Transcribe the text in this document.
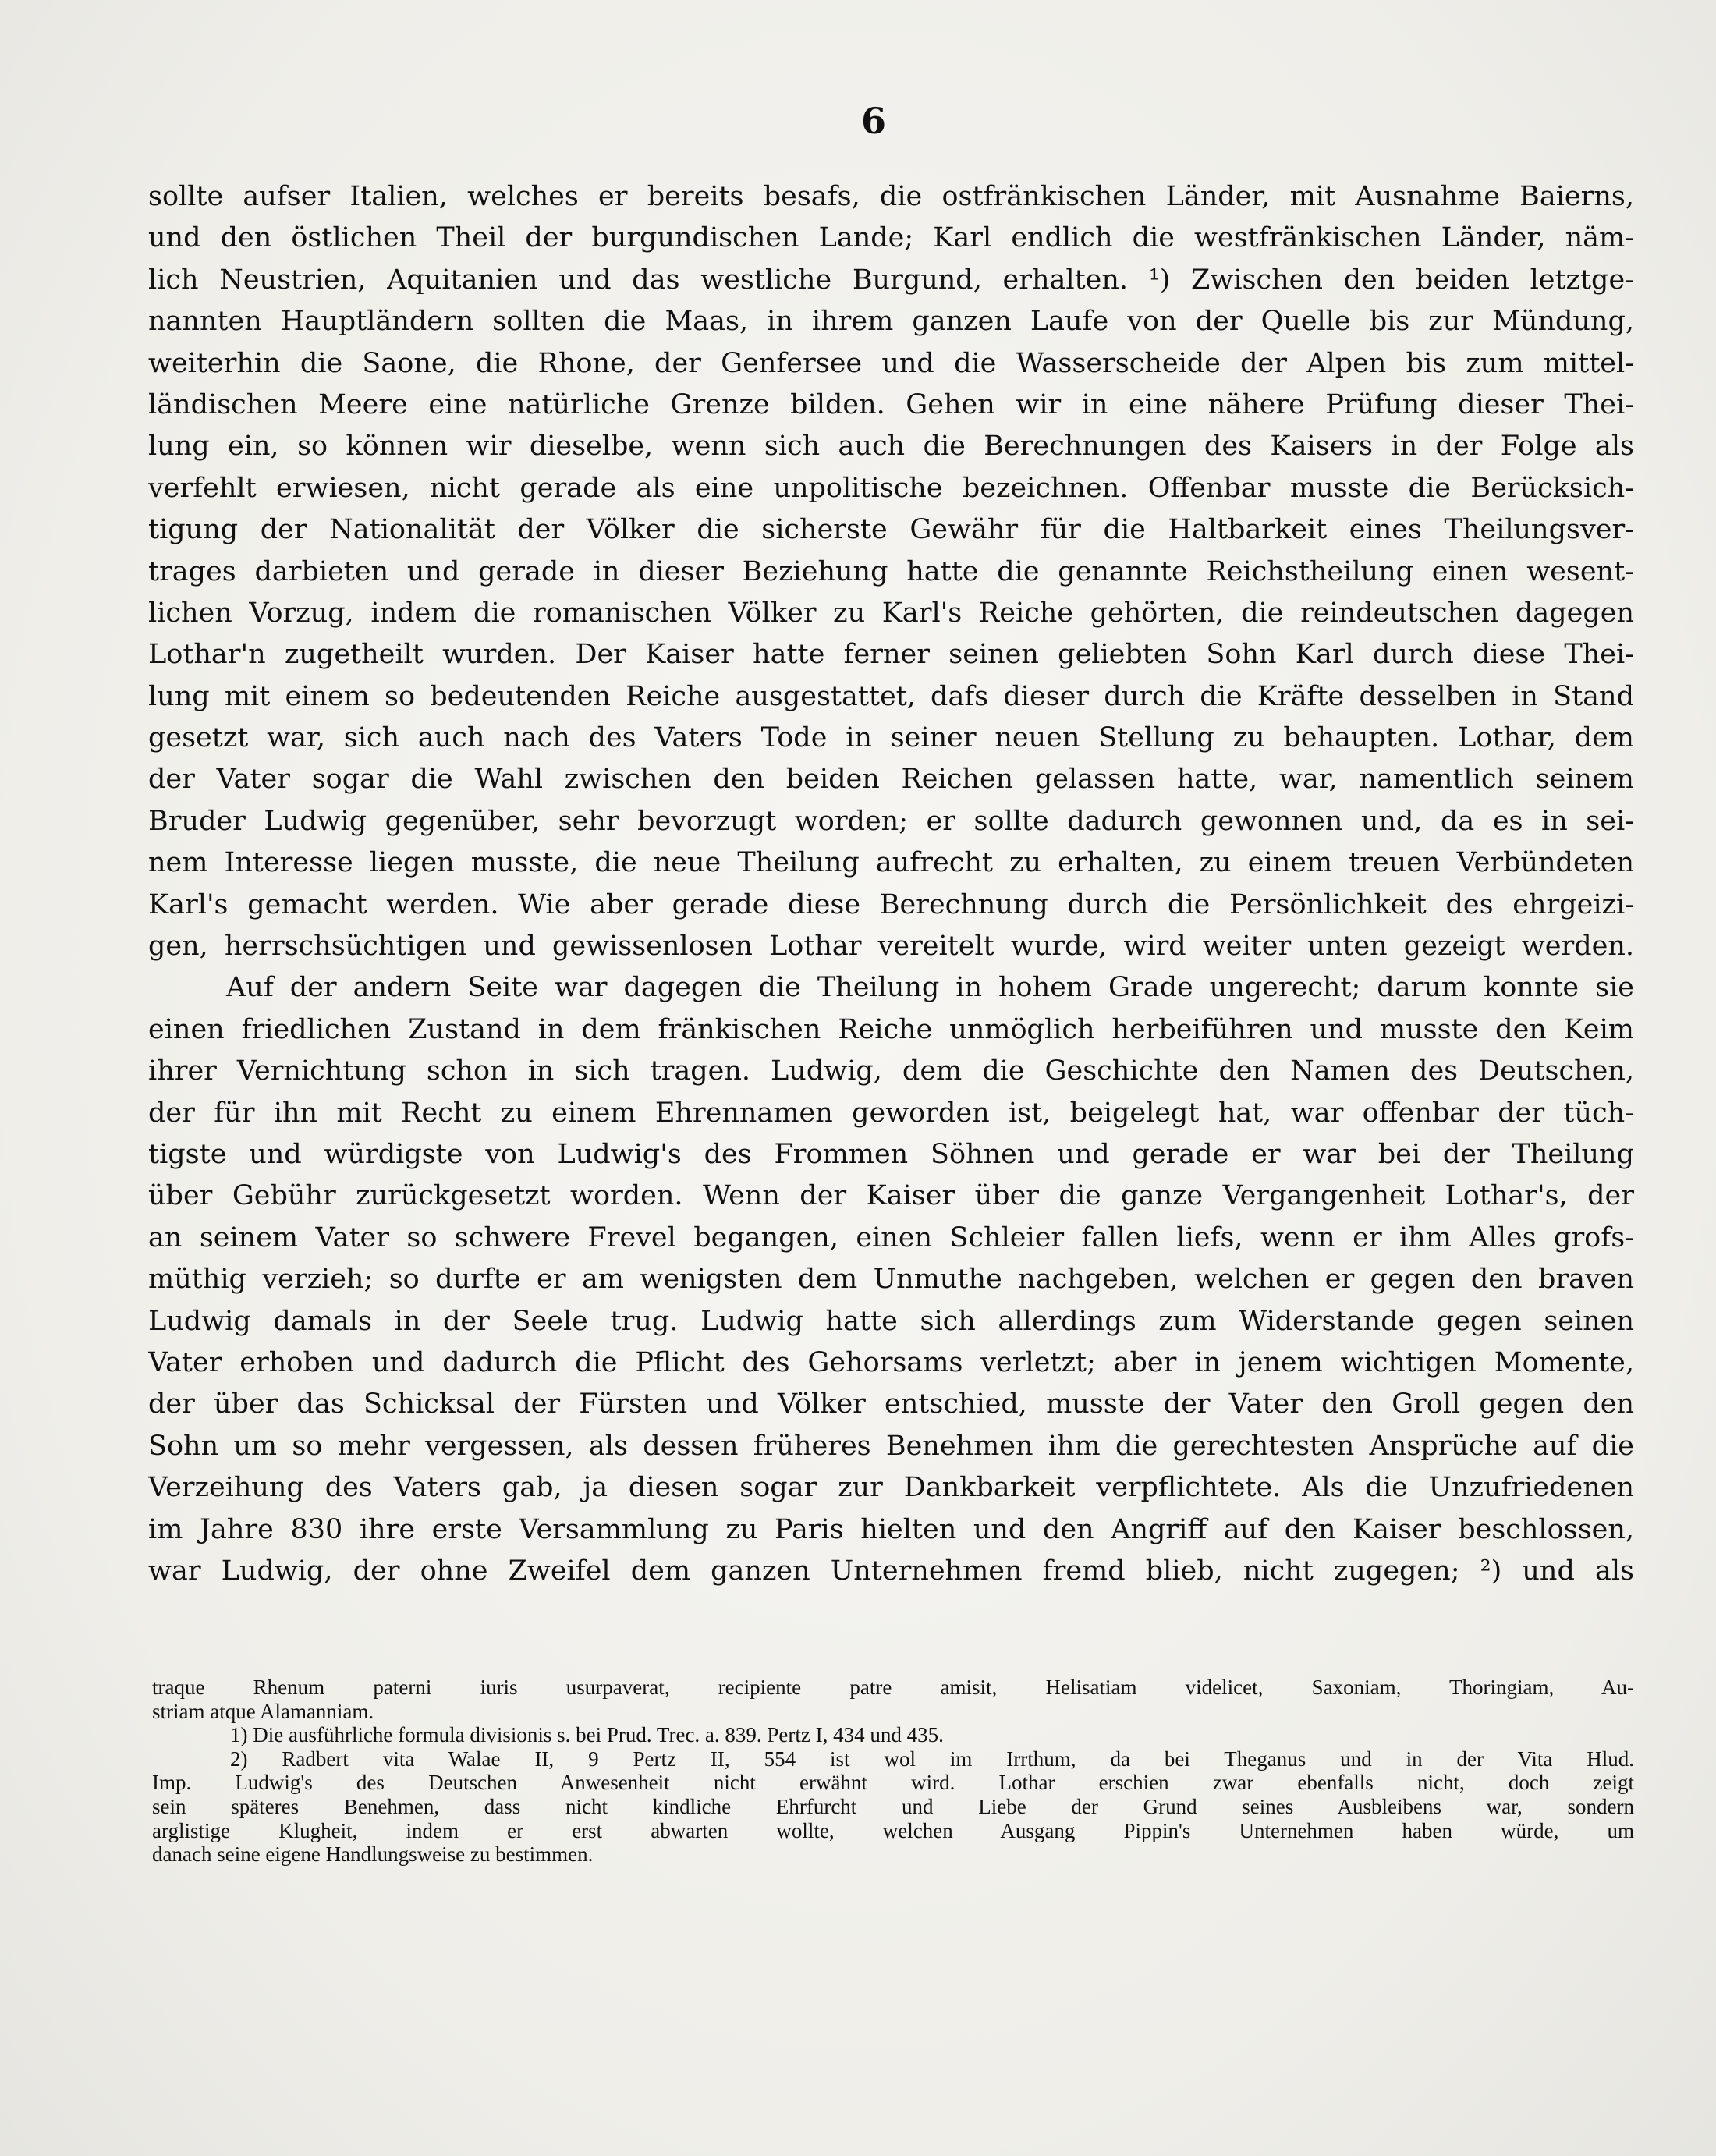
6
sollte aufser Italien, welches er bereits besafs, die ostfränkischen Länder, mit Ausnahme Baierns,
und den östlichen Theil der burgundischen Lande; Karl endlich die westfränkischen Länder, näm-
lich Neustrien, Aquitanien und das westliche Burgund, erhalten. ¹) Zwischen den beiden letztge-
nannten Hauptländern sollten die Maas, in ihrem ganzen Laufe von der Quelle bis zur Mündung,
weiterhin die Saone, die Rhone, der Genfersee und die Wasserscheide der Alpen bis zum mittel-
ländischen Meere eine natürliche Grenze bilden. Gehen wir in eine nähere Prüfung dieser Thei-
lung ein, so können wir dieselbe, wenn sich auch die Berechnungen des Kaisers in der Folge als
verfehlt erwiesen, nicht gerade als eine unpolitische bezeichnen. Offenbar musste die Berücksich-
tigung der Nationalität der Völker die sicherste Gewähr für die Haltbarkeit eines Theilungsver-
trages darbieten und gerade in dieser Beziehung hatte die genannte Reichstheilung einen wesent-
lichen Vorzug, indem die romanischen Völker zu Karl's Reiche gehörten, die reindeutschen dagegen
Lothar'n zugetheilt wurden. Der Kaiser hatte ferner seinen geliebten Sohn Karl durch diese Thei-
lung mit einem so bedeutenden Reiche ausgestattet, dafs dieser durch die Kräfte desselben in Stand
gesetzt war, sich auch nach des Vaters Tode in seiner neuen Stellung zu behaupten. Lothar, dem
der Vater sogar die Wahl zwischen den beiden Reichen gelassen hatte, war, namentlich seinem
Bruder Ludwig gegenüber, sehr bevorzugt worden; er sollte dadurch gewonnen und, da es in sei-
nem Interesse liegen musste, die neue Theilung aufrecht zu erhalten, zu einem treuen Verbündeten
Karl's gemacht werden. Wie aber gerade diese Berechnung durch die Persönlichkeit des ehrgeizi-
gen, herrschsüchtigen und gewissenlosen Lothar vereitelt wurde, wird weiter unten gezeigt werden.
Auf der andern Seite war dagegen die Theilung in hohem Grade ungerecht; darum konnte sie
einen friedlichen Zustand in dem fränkischen Reiche unmöglich herbeiführen und musste den Keim
ihrer Vernichtung schon in sich tragen. Ludwig, dem die Geschichte den Namen des Deutschen,
der für ihn mit Recht zu einem Ehrennamen geworden ist, beigelegt hat, war offenbar der tüch-
tigste und würdigste von Ludwig's des Frommen Söhnen und gerade er war bei der Theilung
über Gebühr zurückgesetzt worden. Wenn der Kaiser über die ganze Vergangenheit Lothar's, der
an seinem Vater so schwere Frevel begangen, einen Schleier fallen liefs, wenn er ihm Alles grofs-
müthig verzieh; so durfte er am wenigsten dem Unmuthe nachgeben, welchen er gegen den braven
Ludwig damals in der Seele trug. Ludwig hatte sich allerdings zum Widerstande gegen seinen
Vater erhoben und dadurch die Pflicht des Gehorsams verletzt; aber in jenem wichtigen Momente,
der über das Schicksal der Fürsten und Völker entschied, musste der Vater den Groll gegen den
Sohn um so mehr vergessen, als dessen früheres Benehmen ihm die gerechtesten Ansprüche auf die
Verzeihung des Vaters gab, ja diesen sogar zur Dankbarkeit verpflichtete. Als die Unzufriedenen
im Jahre 830 ihre erste Versammlung zu Paris hielten und den Angriff auf den Kaiser beschlossen,
war Ludwig, der ohne Zweifel dem ganzen Unternehmen fremd blieb, nicht zugegen; ²) und als
traque Rhenum paterni iuris usurpaverat, recipiente patre amisit, Helisatiam videlicet, Saxoniam, Thoringiam, Au-
striam atque Alamanniam.
1) Die ausführliche formula divisionis s. bei Prud. Trec. a. 839. Pertz I, 434 und 435.
2) Radbert vita Walae II, 9 Pertz II, 554 ist wol im Irrthum, da bei Theganus und in der Vita Hlud.
Imp. Ludwig's des Deutschen Anwesenheit nicht erwähnt wird. Lothar erschien zwar ebenfalls nicht, doch zeigt
sein späteres Benehmen, dass nicht kindliche Ehrfurcht und Liebe der Grund seines Ausbleibens war, sondern
arglistige Klugheit, indem er erst abwarten wollte, welchen Ausgang Pippin's Unternehmen haben würde, um
danach seine eigene Handlungsweise zu bestimmen.
